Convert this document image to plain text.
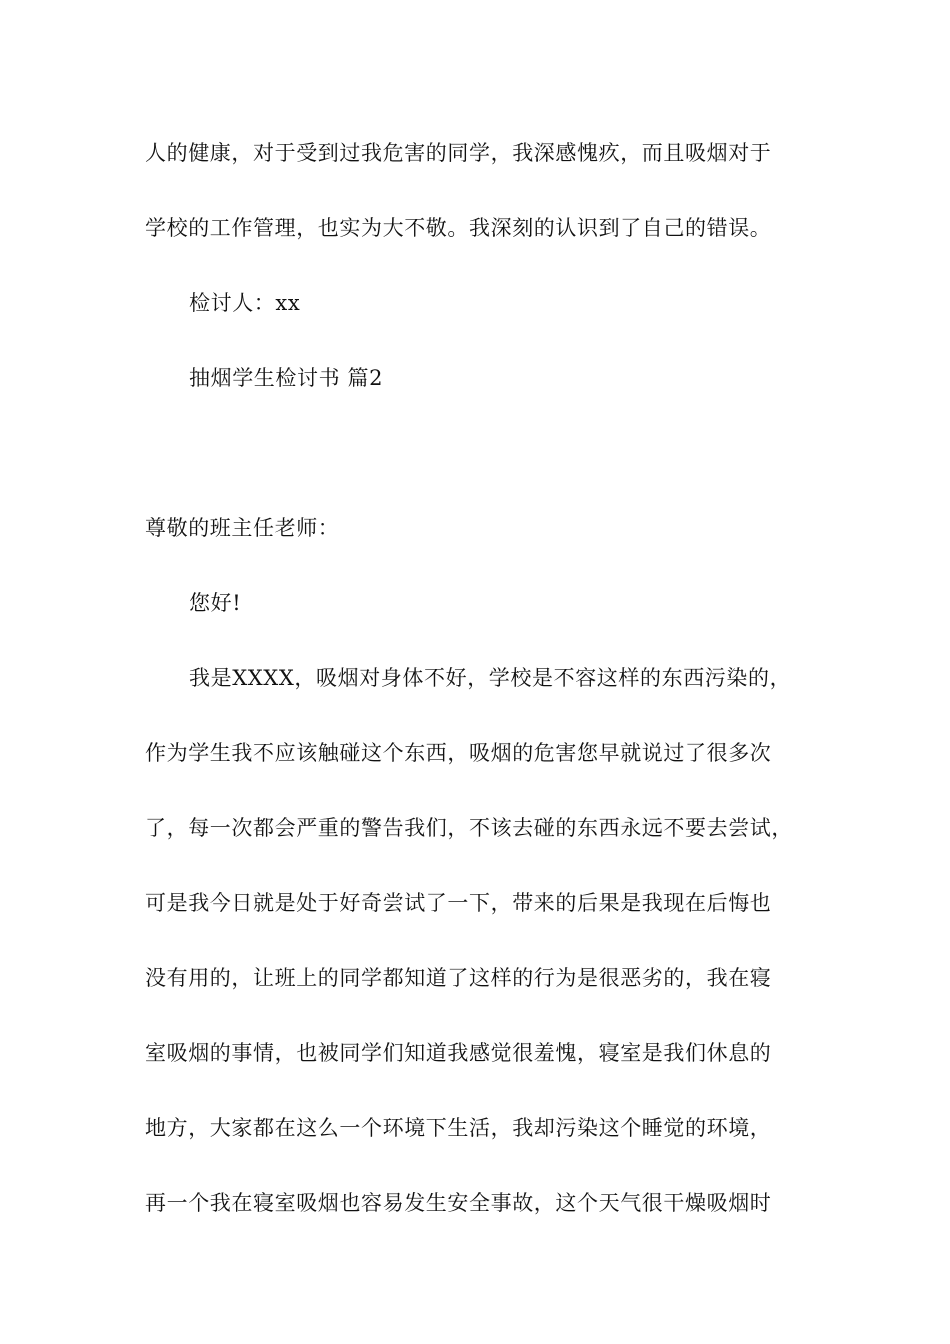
人的健康，对于受到过我危害的同学，我深感愧疚，而且吸烟对于
学校的工作管理，也实为大不敬。我深刻的认识到了自己的错误。
检讨人：xx
抽烟学生检讨书 篇2
尊敬的班主任老师：
您好!
我是XXXX，吸烟对身体不好，学校是不容这样的东西污染的，
作为学生我不应该触碰这个东西，吸烟的危害您早就说过了很多次
了，每一次都会严重的警告我们，不该去碰的东西永远不要去尝试，
可是我今日就是处于好奇尝试了一下，带来的后果是我现在后悔也
没有用的，让班上的同学都知道了这样的行为是很恶劣的，我在寝
室吸烟的事情，也被同学们知道我感觉很羞愧，寝室是我们休息的
地方，大家都在这么一个环境下生活，我却污染这个睡觉的环境，
再一个我在寝室吸烟也容易发生安全事故，这个天气很干燥吸烟时
